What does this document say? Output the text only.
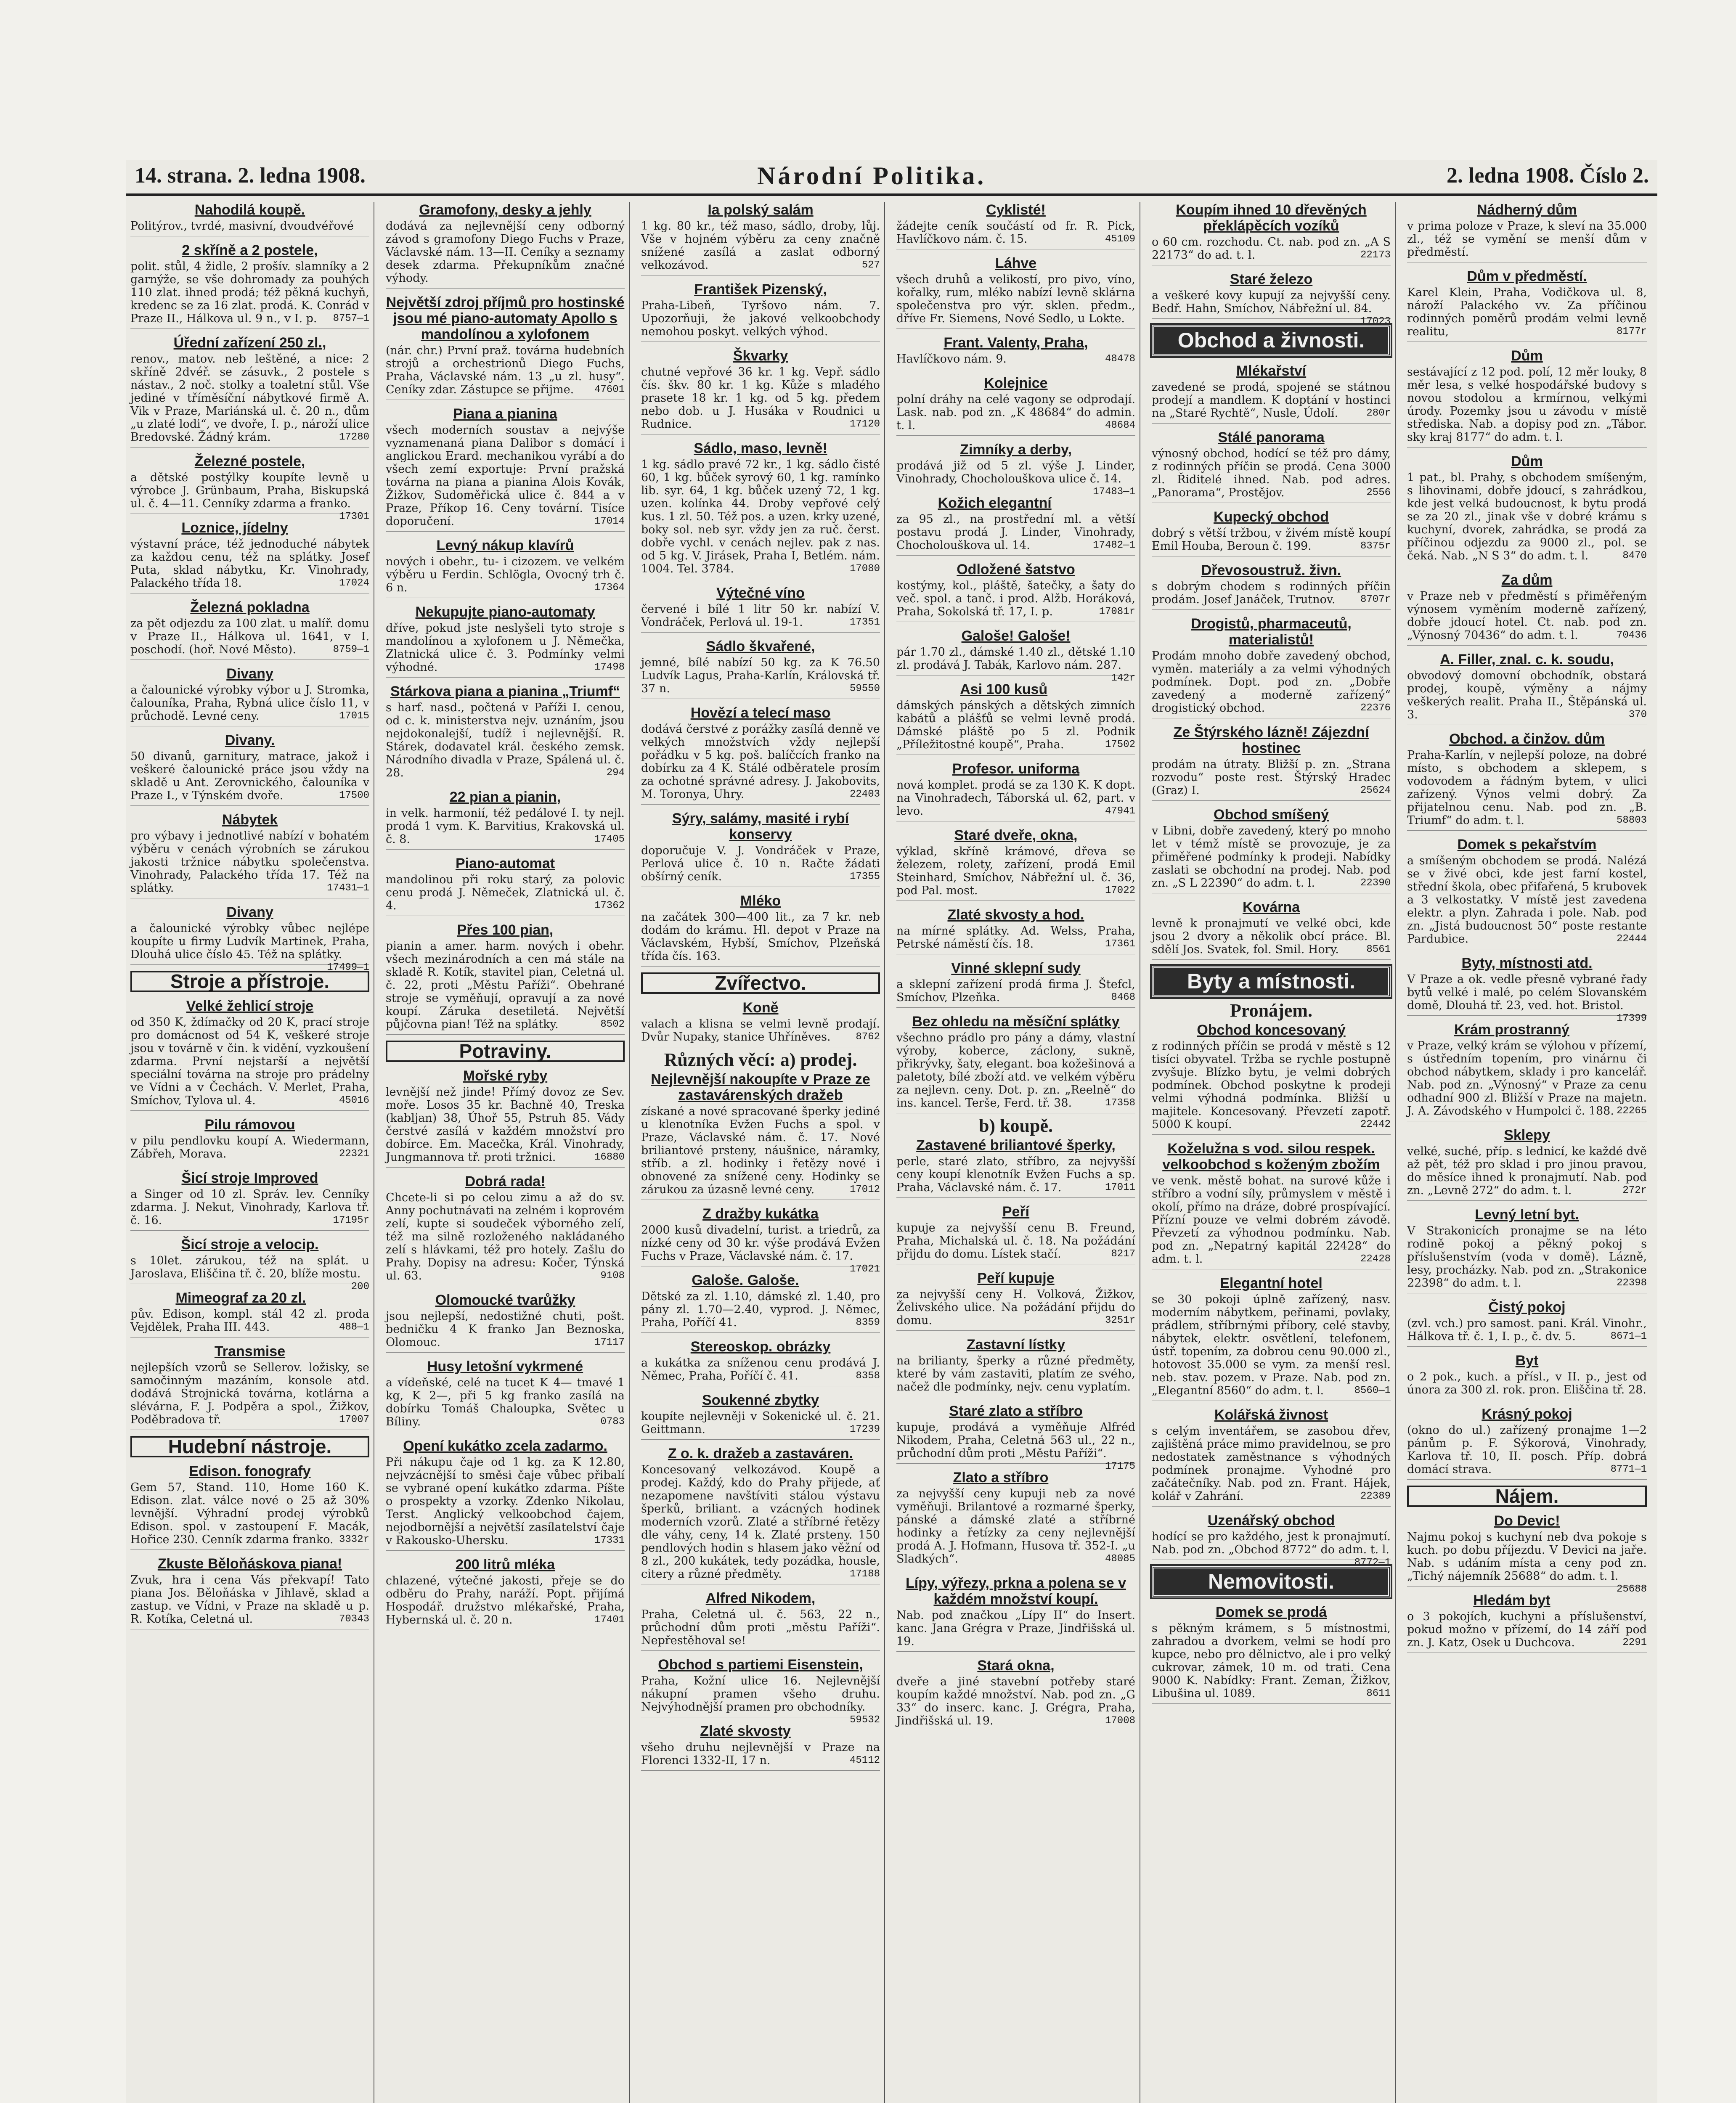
14. strana. 2. ledna 1908.	Národní Politika.	2. ledna 1908. Číslo 2.
Nahodilá koupě.

Politýrov., tvrdé, masivní, dvoudvéřové

2 skříně a 2 postele,

polit. stůl, 4 židle, 2 prošív. slamníky a 2 garnýže, se vše dohromady za pouhých 110 zlat. ihned prodá; též pěkná kuchyň, kredenc se za 16 zlat. prodá. K. Conrád v Praze II., Hálkova ul. 9 n., v I. p. 8757—1

Úřední zařízení 250 zl.,

renov., matov. neb leštěné, a nice: 2 skříně 2dvéř. se zásuvk., 2 postele s nástav., 2 noč. stolky a toaletní stůl. Vše jediné v tříměsíční nábytkové firmě A. Vik v Praze, Mariánská ul. č. 20 n., dům „u zlaté lodi“, ve dvoře, I. p., nároží ulice Bredovské. Žádný krám.	17280

Železné postele,

a dětské postýlky koupíte levně u výrobce J. Grünbaum, Praha, Biskupská ul. č. 4—11. Cenníky zdarma a franko.
17301

Loznice, jídelny

výstavní práce, též jednoduché nábytek za každou cenu, též na splátky. Josef Puta, sklad nábytku, Kr. Vinohrady, Palackého třída 18.	17024

Železná pokladna

za pět odjezdu za 100 zlat. u malíř. domu v Praze II., Hálkova ul. 1641, v I. poschodí. (hoř. Nové Město).	8759—1

Divany

a čalounické výrobky výbor u J. Stromka, čalouníka, Praha, Rybná ulice číslo 11, v průchodě. Levné ceny.	17015

Divany.

50 divanů, garnitury, matrace, jakož i veškeré čalounické práce jsou vždy na skladě u Ant. Zerovnického, čalouníka v Praze I., v Týnském dvoře.	17500

Nábytek

pro výbavy i jednotlivé nabízí v bohatém výběru v cenách výrobních se zárukou jakosti tržnice nábytku společenstva. Vinohrady, Palackého třída 17. Též na splátky.	17431—1

Divany

a čalounické výrobky vůbec nejlépe koupíte u firmy Ludvík Martinek, Praha, Dlouhá ulice číslo 45. Též na splátky.
17499—1

Stroje a přístroje.
Velké žehlicí stroje

od 350 K, ždímačky od 20 K, prací stroje pro domácnost od 54 K, veškeré stroje jsou v továrně v čin. k vidění, vyzkoušení zdarma. První nejstarší a největší speciální továrna na stroje pro prádelny ve Vídni a v Čechách. V. Merlet, Praha, Smíchov, Tylova ul. 4.	45016

Pilu rámovou

v pilu pendlovku koupí A. Wiedermann, Zábřeh, Morava.	22321

Šicí stroje Improved

a Singer od 10 zl. Správ. lev. Cenníky zdarma. J. Nekut, Vinohrady, Karlova tř. č. 16.	17195r

Šicí stroje a velocip.

s 10let. zárukou, též na splát. u Jaroslava, Eliščina tř. č. 20, blíže mostu.
200

Mimeograf za 20 zl.

pův. Edison, kompl. stál 42 zl. proda Vejdělek, Praha III. 443.	488—1

Transmise

nejlepších vzorů se Sellerov. ložisky, se samočinným mazáním, konsole atd. dodává Strojnická továrna, kotlárna a slévárna, F. J. Podpěra a spol., Žižkov, Poděbradova tř.	17007

Hudební nástroje.
Edison. fonografy

Gem 57, Stand. 110, Home 160 K. Edison. zlat. válce nové o 25 až 30% levnější. Výhradní prodej výrobků Edison. spol. v zastoupení F. Macák, Hořice 230. Cenník zdarma franko. 3332r

Zkuste Běloňáskova piana!

Zvuk, hra i cena Vás překvapí! Tato piana Jos. Běloňáska v Jihlavě, sklad a zastup. ve Vídni, v Praze na skladě u p. R. Kotíka, Celetná ul.	70343

Gramofony, desky a jehly

dodává za nejlevnější ceny odborný závod s gramofony Diego Fuchs v Praze, Václavské nám. 13—II. Ceníky a seznamy desek zdarma. Překupníkům značné výhody.

Největší zdroj příjmů pro hostinské jsou mé piano-automaty Apollo s mandolínou a xylofonem

(nár. chr.) První praž. továrna hudebních strojů a orchestrionů Diego Fuchs, Praha, Václavské nám. 13 „u zl. husy“. Ceníky zdar. Zástupce se přijme. 47601

Piana a pianina

všech moderních soustav a nejvýše vyznamenaná piana Dalibor s domácí i anglickou Erard. mechanikou vyrábí a do všech zemí exportuje: První pražská továrna na piana a pianina Alois Kovák, Žižkov, Sudoměřická ulice č. 844 a v Praze, Příkop 16. Ceny tovární. Tisíce doporučení.	17014

Levný nákup klavírů

nových i obehr., tu- i cizozem. ve velkém výběru u Ferdin. Schlögla, Ovocný trh č. 6 n.	17364

Nekupujte piano-automaty

dříve, pokud jste neslyšeli tyto stroje s mandolínou a xylofonem u J. Němečka, Zlatnická ulice č. 3. Podmínky velmi výhodné.	17498

Stárkova piana a pianina „Triumf“

s harf. nasd., počtená v Paříži I. cenou, od c. k. ministerstva nejv. uznáním, jsou nejdokonalejší, tudíž i nejlevnější. R. Stárek, dodavatel král. českého zemsk. Národního divadla v Praze, Spálená ul. č. 28.	294

22 pian a pianin,

in velk. harmonií, též pedálové I. ty nejl. prodá 1 vym. K. Barvitius, Krakovská ul. č. 8.	17405

Piano-automat

mandolinou při roku starý, za polovic cenu prodá J. Němeček, Zlatnická ul. č. 4.	17362

Přes 100 pian,

pianin a amer. harm. nových i obehr. všech mezinárodních a cen má stále na skladě R. Kotík, stavitel pian, Celetná ul. č. 22, proti „Městu Paříži“. Obehrané stroje se vyměňují, opravují a za nové koupí. Záruka desetiletá. Největší půjčovna pian! Též na splátky.	8502

Potraviny.
Mořské ryby

levnější než jinde! Přímý dovoz ze Sev. moře. Losos 35 kr. Bachně 40, Treska (kabljan) 38, Úhoř 55, Pstruh 85. Vády čerstvé zasílá v každém množství pro dobírce. Em. Macečka, Král. Vinohrady, Jungmannova tř. proti tržnici.	16880

Dobrá rada!

Chcete-li si po celou zimu a až do sv. Anny pochutnávati na zelném i koprovém zelí, kupte si soudeček výborného zelí, též ma silně rozloženého nakládaného zelí s hlávkami, též pro hotely. Zašlu do Prahy. Dopisy na adresu: Kočer, Týnská ul. 63.	9108

Olomoucké tvarůžky

jsou nejlepší, nedostižné chuti, pošt. bedničku 4 K franko Jan Beznoska, Olomouc.	17117

Husy letošní vykrmené

a vídeňské, celé na tucet K 4— tmavé 1 kg, K 2—, při 5 kg franko zasílá na dobírku Tomáš Chaloupka, Světec u Bíliny.	0783

Opení kukátko zcela zadarmo.

Při nákupu čaje od 1 kg. za K 12.80, nejvzácnější to směsi čaje vůbec přibalí se vybrané opení kukátko zdarma. Píšte o prospekty a vzorky. Zdenko Nikolau, Terst. Anglický velkoobchod čajem, nejodbornější a největší zasílatelství čaje v Rakousko-Uhersku.	17331

200 litrů mléka

chlazené, výtečné jakosti, přeje se do odběru do Prahy, naráží. Popt. přijímá Hospodář. družstvo mlékařské, Praha, Hybernská ul. č. 20 n.	17401

Ia polský salám

1 kg. 80 kr., též maso, sádlo, droby, lůj. Vše v hojném výběru za ceny značně snížené zasílá a zaslat odborný velkozávod.	527

František Pizenský,

Praha-Libeň, Tyršovo nám. 7. Upozorňuji, že jakové velkoobchody nemohou poskyt. velkých výhod.

Škvarky

chutné vepřové 36 kr. 1 kg. Vepř. sádlo čís. škv. 80 kr. 1 kg. Kůže s mladého prasete 18 kr. 1 kg. od 5 kg. předem nebo dob. u J. Husáka v Roudnici u Rudnice.	17120

Sádlo, maso, levně!

1 kg. sádlo pravé 72 kr., 1 kg. sádlo čisté 60, 1 kg. bůček syrový 60, 1 kg. ramínko lib. syr. 64, 1 kg. bůček uzený 72, 1 kg. uzen. kolínka 44. Droby vepřové celý kus. 1 zl. 50. Též pos. a uzen. krky uzené, boky sol. neb syr. vždy jen za ruč. čerst. dobře vychl. v cenách nejlev. pak z nas. od 5 kg. V. Jirásek, Praha I, Betlém. nám. 1004. Tel. 3784.	17080

Výtečné víno

červené i bílé 1 litr 50 kr. nabízí V. Vondráček, Perlová ul. 19-1.	17351

Sádlo škvařené,

jemné, bílé nabízí 50 kg. za K 76.50 Ludvík Lagus, Praha-Karlín, Královská tř. 37 n.	59550

Hovězí a telecí maso

dodává čerstvé z porážky zasílá denně ve velkých množstvích vždy nejlepší pořádku v 5 kg. poš. balíčcích franko na dobírku za 4 K. Stálé odběratele prosím za ochotné správné adresy. J. Jakobovits, M. Toronya, Uhry.	22403

Sýry, salámy, masité i rybí konservy

doporučuje V. J. Vondráček v Praze, Perlová ulice č. 10 n. Račte žádati obšírný ceník.	17355

Mléko

na začátek 300—400 lit., za 7 kr. neb dodám do krámu. Hl. depot v Praze na Václavském, Hybší, Smíchov, Plzeňská třída čís. 163.

Zvířectvo.
Koně

valach a klisna se velmi levně prodají. Dvůr Nupaky, stanice Uhříněves. 8762

Různých věcí: a) prodej.
Nejlevnější nakoupíte v Praze ze zastavárenských dražeb

získané a nové spracované šperky jediné u klenotníka Evžen Fuchs a spol. v Praze, Václavské nám. č. 17. Nové briliantové prsteny, náušnice, náramky, stříb. a zl. hodinky i řetězy nové i obnovené za snížené ceny. Hodinky se zárukou za úzasně levné ceny.	17012

Z dražby kukátka

2000 kusů divadelní, turist. a triedrů, za nízké ceny od 30 kr. výše prodává Evžen Fuchs v Praze, Václavské nám. č. 17.
17021

Galoše. Galoše.

Dětské za zl. 1.10, dámské zl. 1.40, pro pány zl. 1.70—2.40, vyprod. J. Němec, Praha, Poříčí 41.	8359

Stereoskop. obrázky

a kukátka za sníženou cenu prodává J. Němec, Praha, Poříčí č. 41.	8358

Soukenné zbytky

koupíte nejlevněji v Sokenické ul. č. 21. Geittmann.	17239

Z o. k. dražeb a zastaváren.

Koncesovaný velkozávod. Koupě a prodej. Každý, kdo do Prahy přijede, ať nezapomene navštíviti stálou výstavu šperků, briliant. a vzácných hodinek moderních vzorů. Zlaté a stříbrné řetězy dle váhy, ceny, 14 k. Zlaté prsteny. 150 pendlových hodin s hlasem jako věžní od 8 zl., 200 kukátek, tedy pozádka, housle, citery a různé předměty.	17188

Alfred Nikodem,

Praha, Celetná ul. č. 563, 22 n., průchodní dům proti „městu Paříži“. Nepřestěhoval se!

Obchod s partiemi Eisenstein,

Praha, Kožní ulice 16. Nejlevnější nákupní pramen všeho druhu. Nejvýhodnější pramen pro obchodníky.
59532

Zlaté skvosty

všeho druhu nejlevnější v Praze na Florenci 1332-II, 17 n.	45112

Cyklisté!

žádejte ceník součástí od fr. R. Pick, Havlíčkovo nám. č. 15.	45109

Láhve

všech druhů a velikostí, pro pivo, víno, kořalky, rum, mléko nabízí levně sklárna společenstva pro výr. sklen. předm., dříve Fr. Siemens, Nové Sedlo, u Lokte.

Frant. Valenty, Praha,

Havlíčkovo nám. 9.	48478

Kolejnice

polní dráhy na celé vagony se odprodají. Lask. nab. pod zn. „K 48684“ do admin. t. l.	48684

Zimníky a derby,

prodává již od 5 zl. výše J. Linder, Vinohrady, Chocholouškova ulice č. 14.
17483—1

Kožich elegantní

za 95 zl., na prostřední ml. a větší postavu prodá J. Linder, Vinohrady, Chocholouškova ul. 14.	17482—1

Odložené šatstvo

kostýmy, kol., pláště, šatečky, a šaty do več. spol. a tanč. i prod. Alžb. Horáková, Praha, Sokolská tř. 17, I. p.	17081r

Galoše! Galoše!

pár 1.70 zl., dámské 1.40 zl., dětské 1.10 zl. prodává J. Tabák, Karlovo nám. 287.
142r

Asi 100 kusů

dámských pánských a dětských zimních kabátů a plášťů se velmi levně prodá. Dámské pláště po 5 zl. Podnik „Příležitostné koupě“, Praha.	17502

Profesor. uniforma

nová komplet. prodá se za 130 K. K dopt. na Vinohradech, Táborská ul. 62, part. v levo.	47941

Staré dveře, okna,

výklad, skříně krámové, dřeva se železem, rolety, zařízení, prodá Emil Steinhard, Smíchov, Nábřežní ul. č. 36, pod Pal. most.	17022

Zlaté skvosty a hod.

na mírné splátky. Ad. Welss, Praha, Petrské náměstí čís. 18.	17361

Vinné sklepní sudy

a sklepní zařízení prodá firma J. Štefcl, Smíchov, Plzeňka.	8468

Bez ohledu na měsíční splátky

všechno prádlo pro pány a dámy, vlastní výroby, koberce, záclony, sukně, přikrývky, šaty, elegant. boa kožešinová a paletoty, bílé zboží atd. ve velkém výběru za nejlevn. ceny. Dot. p. zn. „Reelně“ do ins. kancel. Terše, Ferd. tř. 38.	17358

b) koupě.
Zastavené briliantové šperky,

perle, staré zlato, stříbro, za nejvyšší ceny koupí klenotník Evžen Fuchs a sp. Praha, Václavské nám. č. 17.	17011

Peří

kupuje za nejvyšší cenu B. Freund, Praha, Michalská ul. č. 18. Na požádání přijdu do domu. Lístek stačí.	8217

Peří kupuje

za nejvyšší ceny H. Volková, Žižkov, Želivského ulice. Na požádání přijdu do domu.	3251r

Zastavní lístky

na brilianty, šperky a různé předměty, které by vám zastaviti, platím ze svého, načež dle podmínky, nejv. cenu vyplatím.

Staré zlato a stříbro

kupuje, prodává a vyměňuje Alfréd Nikodem, Praha, Celetná 563 ul., 22 n., průchodní dům proti „Městu Paříži“.
17175

Zlato a stříbro

za nejvyšší ceny kupuji neb za nové vyměňuji. Brilantové a rozmarné šperky, pánské a dámské zlaté a stříbrné hodinky a řetízky za ceny nejlevnější prodá A. J. Hofmann, Husova tř. 352-I. „u Sladkých“.	48085

Lípy, výřezy, prkna a polena se v každém množství koupí.

Nab. pod značkou „Lípy II“ do Insert. kanc. Jana Grégra v Praze, Jindřišská ul. 19.

Stará okna,

dveře a jiné stavební potřeby staré koupím každé množství. Nab. pod zn. „G 33“ do inserc. kanc. J. Grégra, Praha, Jindřišská ul. 19.	17008

Koupím ihned 10 dřevěných překlápěcích vozíků

o 60 cm. rozchodu. Ct. nab. pod zn. „A S 22173“ do ad. t. l.	22173

Staré železo

a veškeré kovy kupují za nejvyšší ceny. Bedř. Hahn, Smíchov, Nábřežní ul. 84.
17023

Obchod a živnosti.
Mlékařství

zavedené se prodá, spojené se státnou prodejí a mandlem. K doptání v hostinci na „Staré Rychtě“, Nusle, Údolí.	280r

Stálé panorama

výnosný obchod, hodící se též pro dámy, z rodinných příčin se prodá. Cena 3000 zl. Řiditelé ihned. Nab. pod adres. „Panorama“, Prostějov.	2556

Kupecký obchod

dobrý s větší tržbou, v živém místě koupí Emil Houba, Beroun č. 199.	8375r

Dřevosoustruž. živn.

s dobrým chodem s rodinných příčin prodám. Josef Janáček, Trutnov. 8707r

Drogistů, pharmaceutů, materialistů!

Prodám mnoho dobře zavedený obchod, vyměn. materiály a za velmi výhodných podmínek. Dopt. pod zn. „Dobře zavedený a moderně zařízený“ drogistický obchod.	22376

Ze Štýrského lázně! Zájezdní hostinec

prodám na útraty. Bližší p. zn. „Strana rozvodu“ poste rest. Štýrský Hradec (Graz) I.	25624

Obchod smíšený

v Libni, dobře zavedený, který po mnoho let v témž místě se provozuje, je za přiměřené podmínky k prodeji. Nabídky zaslati se obchodní na prodej. Nab. pod zn. „S L 22390“ do adm. t. l.	22390

Kovárna

levně k pronajmutí ve velké obci, kde jsou 2 dvory a několik obcí práce. Bl. sdělí Jos. Svatek, fol. Smil. Hory.	8561

Byty a místnosti.
Pronájem.
Obchod koncesovaný

z rodinných příčin se prodá v městě s 12 tisíci obyvatel. Tržba se rychle postupně zvyšuje. Blízko bytu, je velmi dobrých podmínek. Obchod poskytne k prodeji velmi výhodná podmínka. Bližší u majitele. Koncesovaný. Převzetí zapotř. 5000 K koupí.	22442

Koželužna s vod. silou respek. velkoobchod s koženým zbožím

ve venk. městě bohat. na surové kůže i stříbro a vodní síly, průmyslem v městě i okolí, přímo na dráze, dobré prospívající. Přízní pouze ve velmi dobrém závodě. Převzetí za výhodnou podmínku. Nab. pod zn. „Nepatrný kapitál 22428“ do adm. t. l.	22428

Elegantní hotel

se 30 pokoji úplně zařízený, nasv. moderním nábytkem, peřinami, povlaky, prádlem, stříbrnými příbory, celé stavby, nábytek, elektr. osvětlení, telefonem, ústř. topením, za dobrou cenu 90.000 zl., hotovost 35.000 se vym. za menší resl. neb. stav. pozem. v Praze. Nab. pod zn. „Elegantní 8560“ do adm. t. l.	8560—1

Kolářská živnost

s celým inventářem, se zasobou dřev, zajištěná práce mimo pravidelnou, se pro nedostatek zaměstnance s výhodných podmínek pronajme. Vyhodné pro začátečníky. Nab. pod zn. Frant. Hájek, kolář v Zahrání.	22389

Uzenářský obchod

hodící se pro každého, jest k pronajmutí. Nab. pod zn. „Obchod 8772“ do adm. t. l.
8772—1

Nemovitosti.
Domek se prodá

s pěkným krámem, s 5 místnostmi, zahradou a dvorkem, velmi se hodí pro kupce, nebo pro dělnictvo, ale i pro velký cukrovar, zámek, 10 m. od trati. Cena 9000 K. Nabídky: Frant. Zeman, Žižkov, Libušina ul. 1089.	8611

Nádherný dům

v prima poloze v Praze, k sleví na 35.000 zl., též se vymění se menší dům v předměstí.

Dům v předměstí.

Karel Klein, Praha, Vodičkova ul. 8, nároží Palackého vv. Za příčinou rodinných poměrů prodám velmi levně realitu,	8177r

Dům

sestávající z 12 pod. polí, 12 měr louky, 8 měr lesa, s velké hospodářské budovy s novou stodolou a krmírnou, velkými úrody. Pozemky jsou u závodu v místě střediska. Nab. a dopisy pod zn. „Tábor. sky kraj 8177“ do adm. t. l.

Dům

1 pat., bl. Prahy, s obchodem smíšeným, s lihovinami, dobře jdoucí, s zahrádkou, kde jest velká budoucnost, k bytu prodá se za 20 zl., jinak vše v dobré krámu s kuchyní, dvorek, zahrádka, se prodá za příčinou odjezdu za 9000 zl., pol. se čeká. Nab. „N S 3“ do adm. t. l.	8470

Za dům

v Praze neb v předměstí s přiměřeným výnosem vyměním moderně zařízený, dobře jdoucí hotel. Ct. nab. pod zn. „Výnosný 70436“ do adm. t. l.	70436

A. Filler, znal. c. k. soudu,

obvodový domovní obchodník, obstará prodej, koupě, výměny a nájmy veškerých realit. Praha II., Štěpánská ul. 3.	370

Obchod. a činžov. dům

Praha-Karlín, v nejlepší poloze, na dobré místo, s obchodem a sklepem, s vodovodem a řádným bytem, v ulici zařízený. Výnos velmi dobrý. Za přijatelnou cenu. Nab. pod zn. „B. Triumf“ do adm. t. l.	58803

Domek s pekařstvím

a smíšeným obchodem se prodá. Nalézá se v živé obci, kde jest farní kostel, střední škola, obec přifařená, 5 krubovek a 3 velkostatky. V místě jest zavedena elektr. a plyn. Zahrada i pole. Nab. pod zn. „Jistá budoucnost 50“ poste restante Pardubice.	22444

Byty, místnosti atd.

V Praze a ok. vedle přesně vybrané řady bytů velké i malé, po celém Slovanském domě, Dlouhá tř. 23, ved. hot. Bristol.
17399

Krám prostranný

v Praze, velký krám se výlohou v přízemí, s ústředním topením, pro vinárnu či obchod nábytkem, sklady i pro kancelář. Nab. pod zn. „Výnosný“ v Praze za cenu odhadní 900 zl. Bližší v Praze na majetn. J. A. Závodského v Humpolci č. 188. 22265

Sklepy

velké, suché, příp. s lednicí, ke každé dvě až pět, též pro sklad i pro jinou pravou, do měsíce ihned k pronajmutí. Nab. pod zn. „Levně 272“ do adm. t. l.	272r

Levný letní byt.

V Strakonicích pronajme se na léto rodině pokoj a pěkný pokoj s příslušenstvím (voda v domě). Lázně, lesy, procházky. Nab. pod zn. „Strakonice 22398“ do adm. t. l.	22398

Čistý pokoj

(zvl. vch.) pro samost. pani. Král. Vinohr., Hálkova tř. č. 1, I. p., č. dv. 5.	8671—1

Byt

o 2 pok., kuch. a přísl., v II. p., jest od února za 300 zl. rok. pron. Eliščina tř. 28.

Krásný pokoj

(okno do ul.) zařízený pronajme 1—2 pánům p. F. Sýkorová, Vinohrady, Karlova tř. 10, II. posch. Příp. dobrá domácí strava.	8771—1

Nájem.
Do Devic!

Najmu pokoj s kuchyní neb dva pokoje s kuch. po dobu příjezdu. V Devici na jaře. Nab. s udáním místa a ceny pod zn. „Tichý nájemník 25688“ do adm. t. l.
25688

Hledám byt

o 3 pokojích, kuchyni a příslušenství, pokud možno v přízemí, do 14 září pod zn. J. Katz, Osek u Duchcova.	2291
